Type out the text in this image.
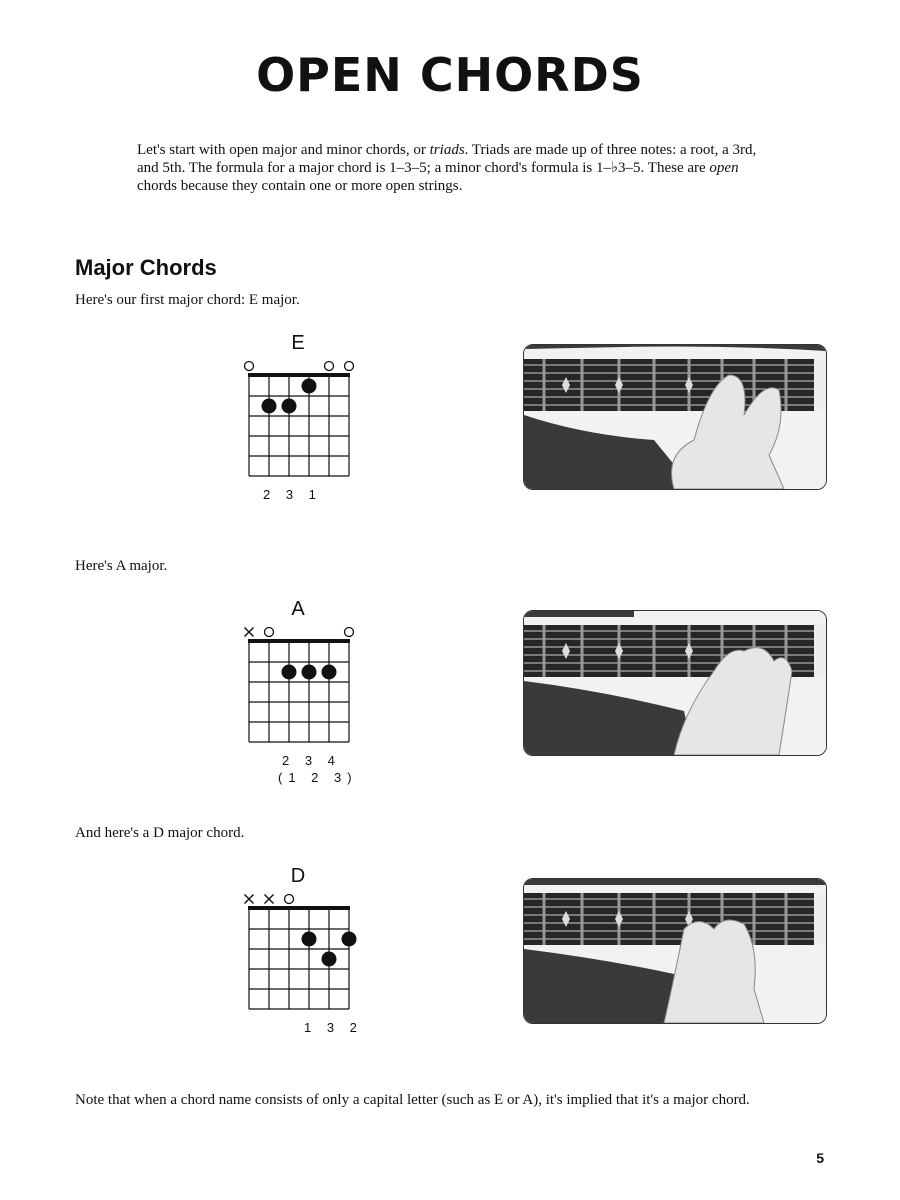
OPEN CHORDS

Let's start with open major and minor chords, or triads. Triads are made up of three notes: a root, a 3rd, and 5th. The formula for a major chord is 1–3–5; a minor chord's formula is 1–♭3–5. These are open chords because they contain one or more open strings.

Major Chords
Here's our first major chord: E major.
E
2 3 1
Here's A major.
A
2 3 4
(1 2 3)
And here's a D major chord.
D
1 3 2
Note that when a chord name consists of only a capital letter (such as E or A), it's implied that it's a major chord.
5
